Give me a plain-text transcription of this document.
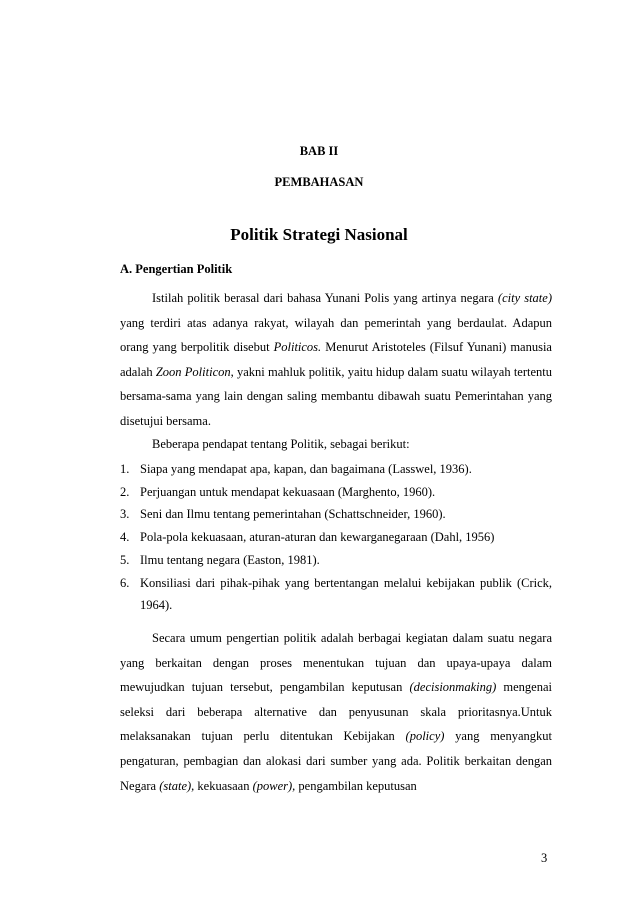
BAB II
PEMBAHASAN
Politik Strategi Nasional
A. Pengertian Politik

Istilah politik berasal dari bahasa Yunani Polis yang artinya negara (city state) yang terdiri atas adanya rakyat, wilayah dan pemerintah yang berdaulat. Adapun orang yang berpolitik disebut Politicos. Menurut Aristoteles (Filsuf Yunani) manusia adalah Zoon Politicon, yakni mahluk politik, yaitu hidup dalam suatu wilayah tertentu bersama-sama yang lain dengan saling membantu dibawah suatu Pemerintahan yang disetujui bersama.

Beberapa pendapat tentang Politik, sebagai berikut:

1. Siapa yang mendapat apa, kapan, dan bagaimana (Lasswel, 1936).
2. Perjuangan untuk mendapat kekuasaan (Marghento, 1960).
3. Seni dan Ilmu tentang pemerintahan (Schattschneider, 1960).
4. Pola-pola kekuasaan, aturan-aturan dan kewarganegaraan (Dahl, 1956)
5. Ilmu tentang negara (Easton, 1981).
6. Konsiliasi dari pihak-pihak yang bertentangan melalui kebijakan publik (Crick, 1964).

Secara umum pengertian politik adalah berbagai kegiatan dalam suatu negara yang berkaitan dengan proses menentukan tujuan dan upaya-upaya dalam mewujudkan tujuan tersebut, pengambilan keputusan (decisionmaking) mengenai seleksi dari beberapa alternative dan penyusunan skala prioritasnya.Untuk melaksanakan tujuan perlu ditentukan Kebijakan (policy) yang menyangkut pengaturan, pembagian dan alokasi dari sumber yang ada. Politik berkaitan dengan Negara (state), kekuasaan (power), pengambilan keputusan

3
